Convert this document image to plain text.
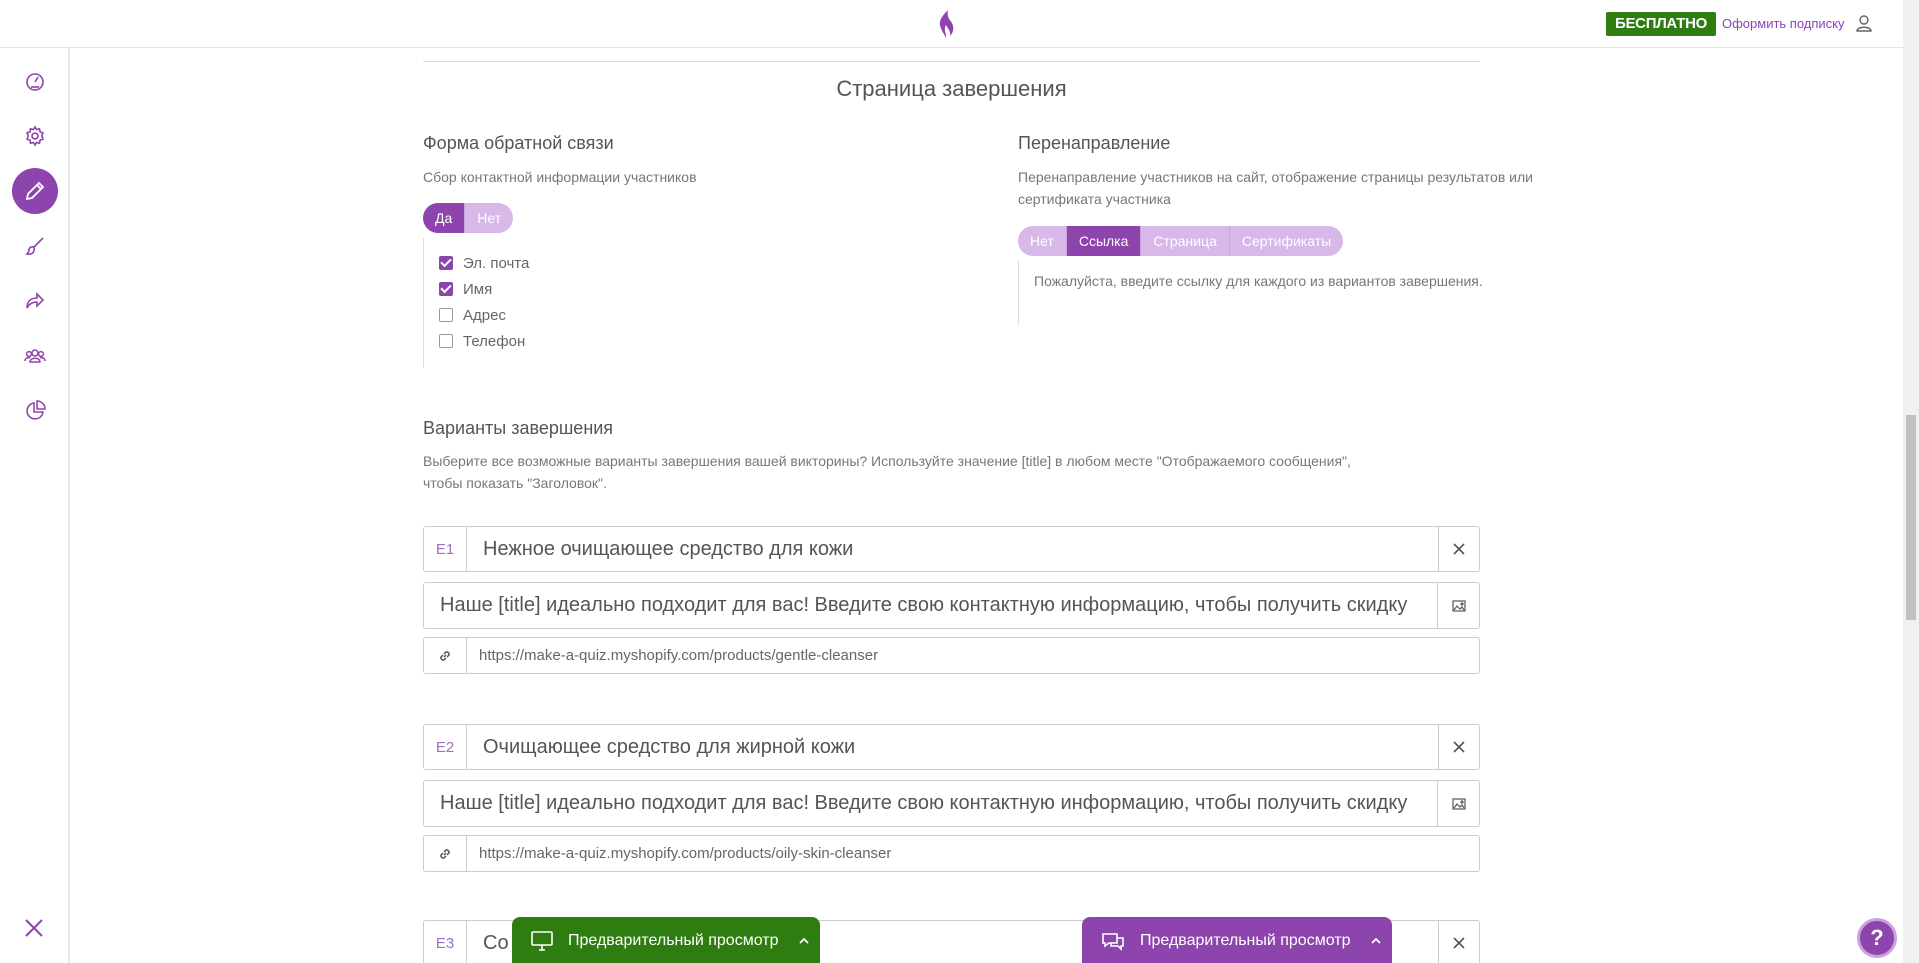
БЕСПЛАТНО	Оформить подписку
Страница завершения
Форма обратной связи
Сбор контактной информации участников
Да	Нет
Эл. почта
Имя
Адрес
Телефон
Перенаправление
Перенаправление участников на сайт, отображение страницы результатов или
сертификата участника
Нет	Ссылка	Страница	Сертификаты
Пожалуйста, введите ссылку для каждого из вариантов завершения.
Варианты завершения
Выберите все возможные варианты завершения вашей викторины? Используйте значение [title] в любом месте "Отображаемого сообщения",
чтобы показать "Заголовок".
E1	Нежное очищающее средство для кожи
Наше [title] идеально подходит для вас! Введите свою контактную информацию, чтобы получить скидку
https://make-a-quiz.myshopify.com/products/gentle-cleanser
E2	Очищающее средство для жирной кожи
Наше [title] идеально подходит для вас! Введите свою контактную информацию, чтобы получить скидку
https://make-a-quiz.myshopify.com/products/oily-skin-cleanser
E3	Со	Предварительный просмотр	Предварительный просмотр	?
